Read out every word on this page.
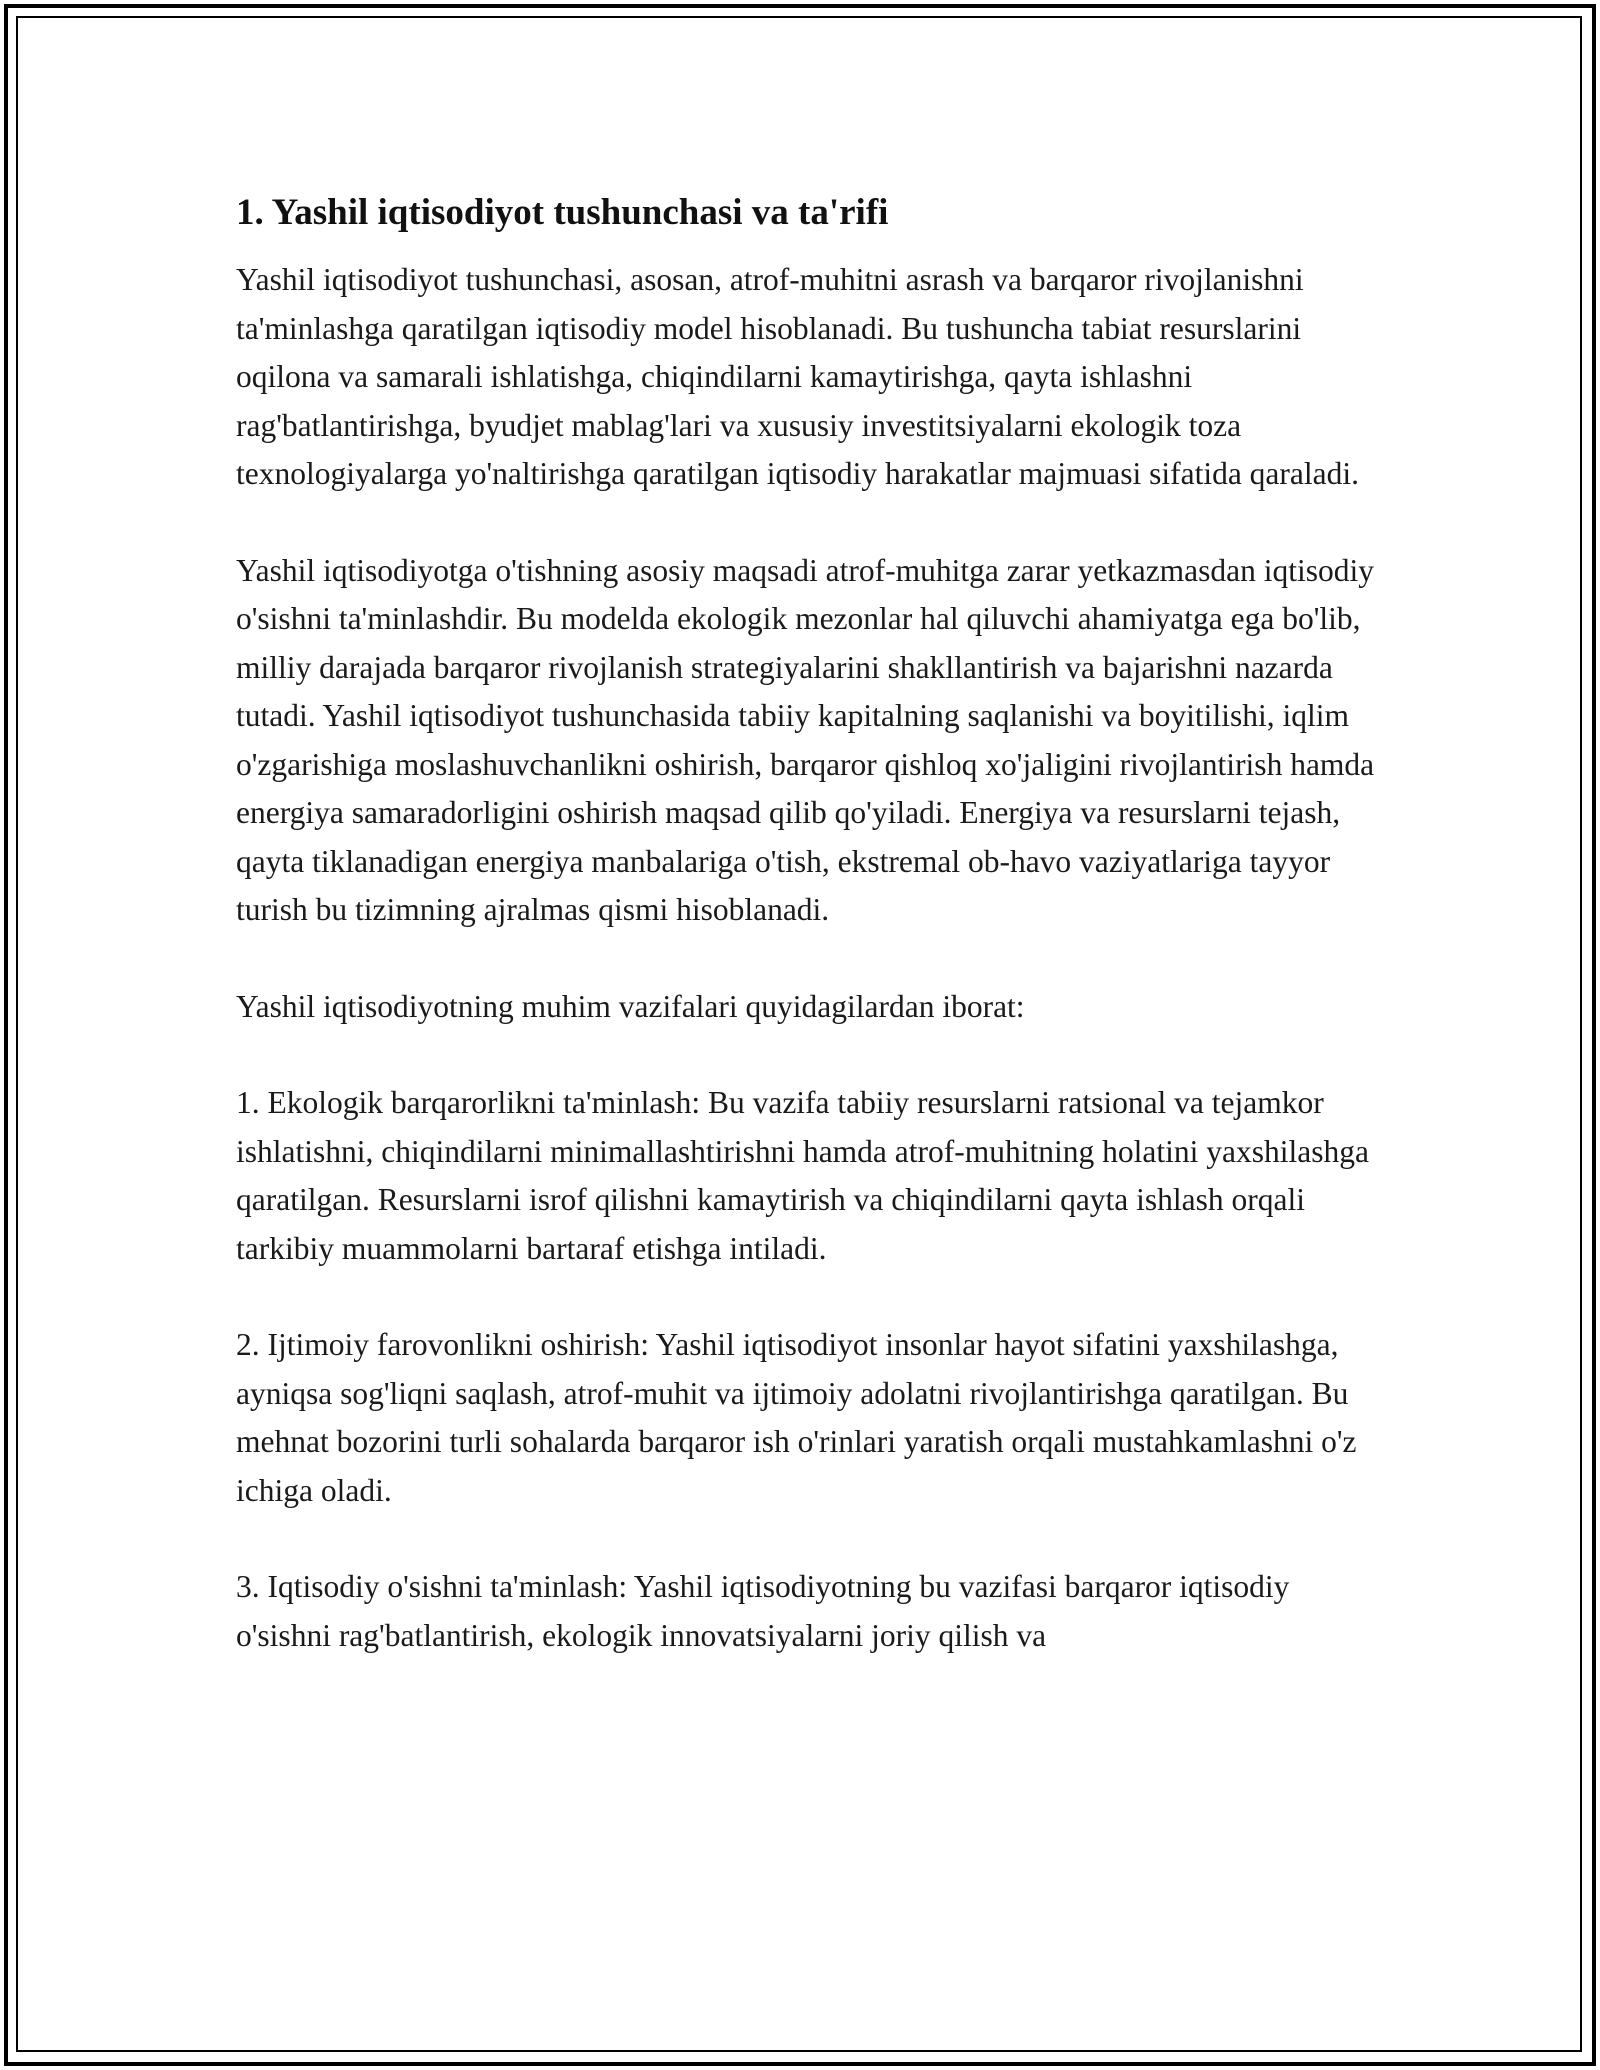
1. Yashil iqtisodiyot tushunchasi va ta'rifi

Yashil iqtisodiyot tushunchasi, asosan, atrof-muhitni asrash va barqaror rivojlanishni ta'minlashga qaratilgan iqtisodiy model hisoblanadi. Bu tushuncha tabiat resurslarini oqilona va samarali ishlatishga, chiqindilarni kamaytirishga, qayta ishlashni rag'batlantirishga, byudjet mablag'lari va xususiy investitsiyalarni ekologik toza texnologiyalarga yo'naltirishga qaratilgan iqtisodiy harakatlar majmuasi sifatida qaraladi.

Yashil iqtisodiyotga o'tishning asosiy maqsadi atrof-muhitga zarar yetkazmasdan iqtisodiy o'sishni ta'minlashdir. Bu modelda ekologik mezonlar hal qiluvchi ahamiyatga ega bo'lib, milliy darajada barqaror rivojlanish strategiyalarini shakllantirish va bajarishni nazarda tutadi. Yashil iqtisodiyot tushunchasida tabiiy kapitalning saqlanishi va boyitilishi, iqlim o'zgarishiga moslashuvchanlikni oshirish, barqaror qishloq xo'jaligini rivojlantirish hamda energiya samaradorligini oshirish maqsad qilib qo'yiladi. Energiya va resurslarni tejash, qayta tiklanadigan energiya manbalariga o'tish, ekstremal ob-havo vaziyatlariga tayyor turish bu tizimning ajralmas qismi hisoblanadi.

Yashil iqtisodiyotning muhim vazifalari quyidagilardan iborat:

1. Ekologik barqarorlikni ta'minlash: Bu vazifa tabiiy resurslarni ratsional va tejamkor ishlatishni, chiqindilarni minimallashtirishni hamda atrof-muhitning holatini yaxshilashga qaratilgan. Resurslarni isrof qilishni kamaytirish va chiqindilarni qayta ishlash orqali tarkibiy muammolarni bartaraf etishga intiladi.

2. Ijtimoiy farovonlikni oshirish: Yashil iqtisodiyot insonlar hayot sifatini yaxshilashga, ayniqsa sog'liqni saqlash, atrof-muhit va ijtimoiy adolatni rivojlantirishga qaratilgan. Bu mehnat bozorini turli sohalarda barqaror ish o'rinlari yaratish orqali mustahkamlashni o'z ichiga oladi.

3. Iqtisodiy o'sishni ta'minlash: Yashil iqtisodiyotning bu vazifasi barqaror iqtisodiy o'sishni rag'batlantirish, ekologik innovatsiyalarni joriy qilish va
